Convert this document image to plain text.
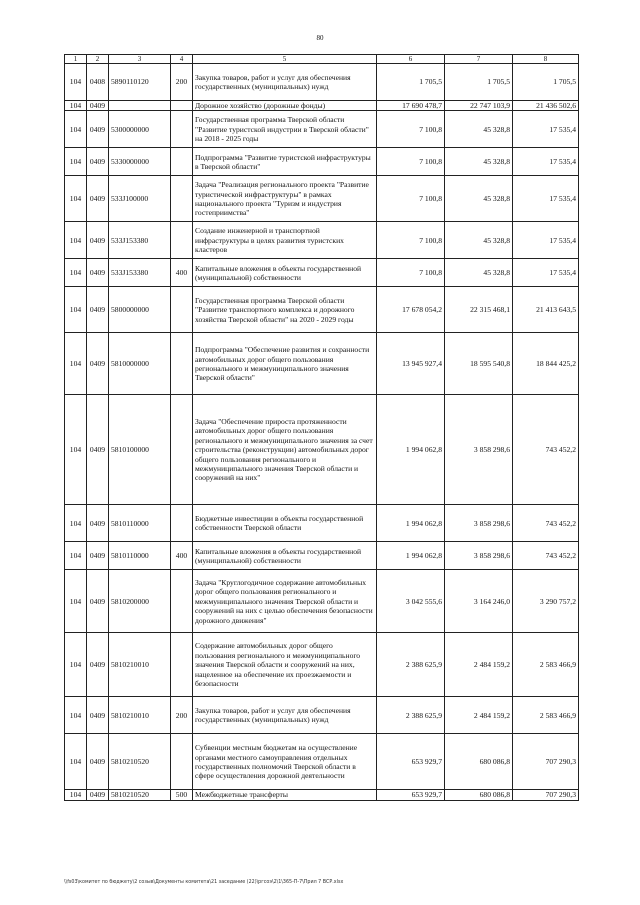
80
1	2	3	4	5	6	7	8
104	0408	5890110120	200	Закупка товаров, работ и услуг для обеспечения государственных (муниципальных) нужд	1 705,5	1 705,5	1 705,5
104	0409			Дорожное хозяйство (дорожные фонды)	17 690 478,7	22 747 103,9	21 436 502,6
104	0409	5300000000		Государственная программа Тверской области "Развитие туристской индустрии в Тверской области" на 2018 - 2025 годы	7 100,8	45 328,8	17 535,4
104	0409	5330000000		Подпрограмма "Развитие туристской инфраструктуры в Тверской области"	7 100,8	45 328,8	17 535,4
104	0409	533J100000		Задача "Реализация регионального проекта "Развитие туристической инфраструктуры" в рамках национального проекта "Туризм и индустрия гостеприимства"	7 100,8	45 328,8	17 535,4
104	0409	533J153380		Создание инженерной и транспортной инфраструктуры в целях развития туристских кластеров	7 100,8	45 328,8	17 535,4
104	0409	533J153380	400	Капитальные вложения в объекты государственной (муниципальной) собственности	7 100,8	45 328,8	17 535,4
104	0409	5800000000		Государственная программа Тверской области "Развитие транспортного комплекса и дорожного хозяйства Тверской области" на 2020 - 2029 годы	17 678 054,2	22 315 468,1	21 413 643,5
104	0409	5810000000		Подпрограмма "Обеспечение развития и сохранности автомобильных дорог общего пользования регионального и межмуниципального значения Тверской области"	13 945 927,4	18 595 540,8	18 844 425,2
104	0409	5810100000		Задача "Обеспечение прироста протяженности автомобильных дорог общего пользования регионального и межмуниципального значения за счет строительства (реконструкции) автомобильных дорог общего пользования регионального и межмуниципального значения Тверской области и сооружений на них"	1 994 062,8	3 858 298,6	743 452,2
104	0409	5810110000		Бюджетные инвестиции в объекты государственной собственности Тверской области	1 994 062,8	3 858 298,6	743 452,2
104	0409	5810110000	400	Капитальные вложения в объекты государственной (муниципальной) собственности	1 994 062,8	3 858 298,6	743 452,2
104	0409	5810200000		Задача "Круглогодичное содержание автомобильных дорог общего пользования регионального и межмуниципального значения Тверской области и сооружений на них с целью обеспечения безопасности дорожного движения"	3 042 555,6	3 164 246,0	3 290 757,2
104	0409	5810210010		Содержание автомобильных дорог общего пользования регионального и межмуниципального значения Тверской области и сооружений на них, нацеленное на обеспечение их проезжаемости и безопасности	2 388 625,9	2 484 159,2	2 583 466,9
104	0409	5810210010	200	Закупка товаров, работ и услуг для обеспечения государственных (муниципальных) нужд	2 388 625,9	2 484 159,2	2 583 466,9
104	0409	5810210520		Субвенции местным бюджетам на осуществление органами местного самоуправления отдельных государственных полномочий Тверской области в сфере осуществления дорожной деятельности	653 929,7	680 086,8	707 290,3
104	0409	5810210520	500	Межбюджетные трансферты	653 929,7	680 086,8	707 290,3
\\fs03\комитет по бюджету\2 созыв\Документы комитета\21 заседание (22)\ргсоэ\2\1\365-П-7\Прил 7 ВСР.xlsx
